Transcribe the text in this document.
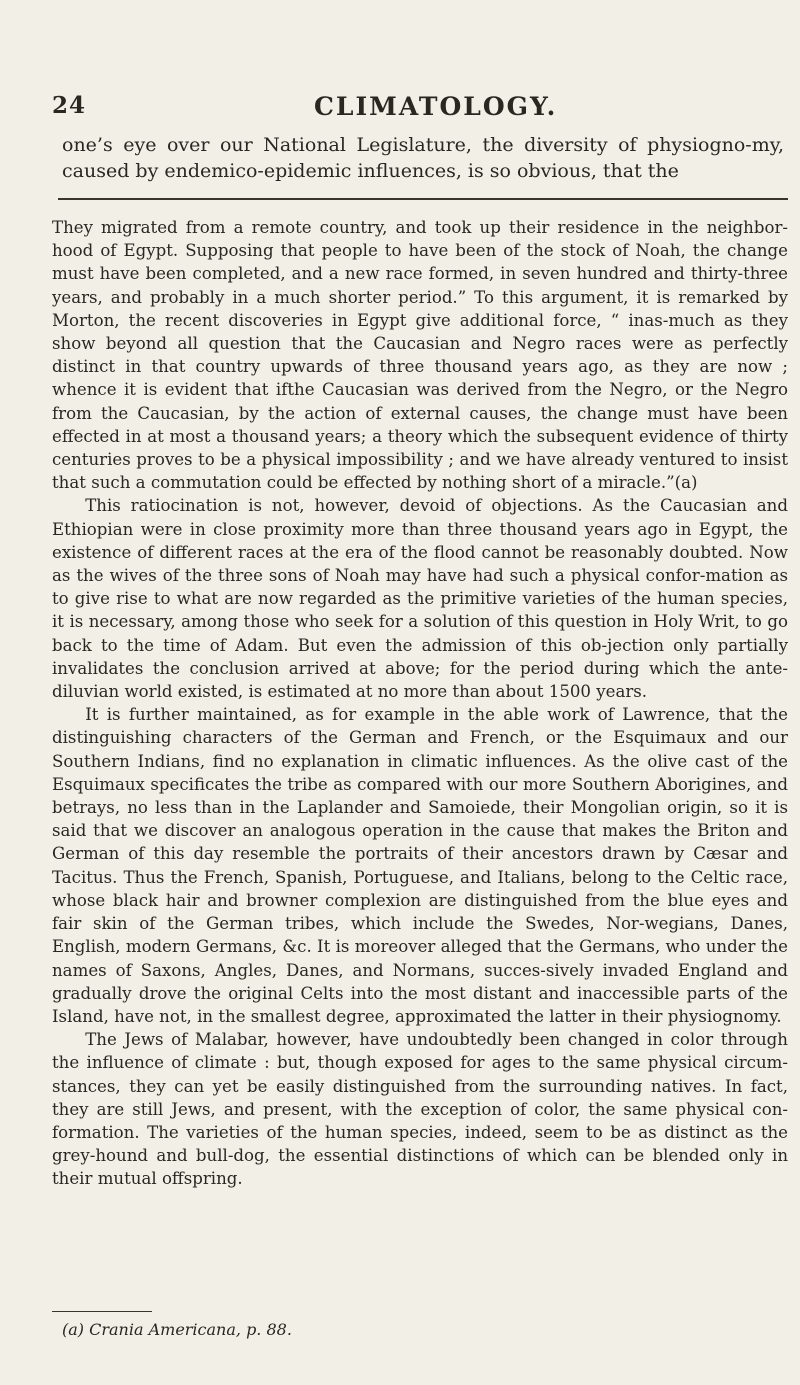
24	CLIMATOLOGY.

one’s eye over our National Legislature, the diversity of physiogno-my, caused by endemico-epidemic influences, is so obvious, that the

They migrated from a remote country, and took up their residence in the neighbor-hood of Egypt. Supposing that people to have been of the stock of Noah, the change must have been completed, and a new race formed, in seven hundred and thirty-three years, and probably in a much shorter period.” To this argument, it is remarked by Morton, the recent discoveries in Egypt give additional force, “ inas-much as they show beyond all question that the Caucasian and Negro races were as perfectly distinct in that country upwards of three thousand years ago, as they are now ; whence it is evident that ifthe Caucasian was derived from the Negro, or the Negro from the Caucasian, by the action of external causes, the change must have been effected in at most a thousand years; a theory which the subsequent evidence of thirty centuries proves to be a physical impossibility ; and we have already ventured to insist that such a commutation could be effected by nothing short of a miracle.”(a)

This ratiocination is not, however, devoid of objections. As the Caucasian and Ethiopian were in close proximity more than three thousand years ago in Egypt, the existence of different races at the era of the flood cannot be reasonably doubted. Now as the wives of the three sons of Noah may have had such a physical confor-mation as to give rise to what are now regarded as the primitive varieties of the human species, it is necessary, among those who seek for a solution of this question in Holy Writ, to go back to the time of Adam. But even the admission of this ob-jection only partially invalidates the conclusion arrived at above; for the period during which the ante-diluvian world existed, is estimated at no more than about 1500 years.

It is further maintained, as for example in the able work of Lawrence, that the distinguishing characters of the German and French, or the Esquimaux and our Southern Indians, find no explanation in climatic influences. As the olive cast of the Esquimaux specificates the tribe as compared with our more Southern Aborigines, and betrays, no less than in the Laplander and Samoiede, their Mongolian origin, so it is said that we discover an analogous operation in the cause that makes the Briton and German of this day resemble the portraits of their ancestors drawn by Cæsar and Tacitus. Thus the French, Spanish, Portuguese, and Italians, belong to the Celtic race, whose black hair and browner complexion are distinguished from the blue eyes and fair skin of the German tribes, which include the Swedes, Nor-wegians, Danes, English, modern Germans, &c. It is moreover alleged that the Germans, who under the names of Saxons, Angles, Danes, and Normans, succes-sively invaded England and gradually drove the original Celts into the most distant and inaccessible parts of the Island, have not, in the smallest degree, approximated the latter in their physiognomy.

The Jews of Malabar, however, have undoubtedly been changed in color through the influence of climate : but, though exposed for ages to the same physical circum-stances, they can yet be easily distinguished from the surrounding natives. In fact, they are still Jews, and present, with the exception of color, the same physical con-formation. The varieties of the human species, indeed, seem to be as distinct as the grey-hound and bull-dog, the essential distinctions of which can be blended only in their mutual offspring.

(a) Crania Americana, p. 88.
